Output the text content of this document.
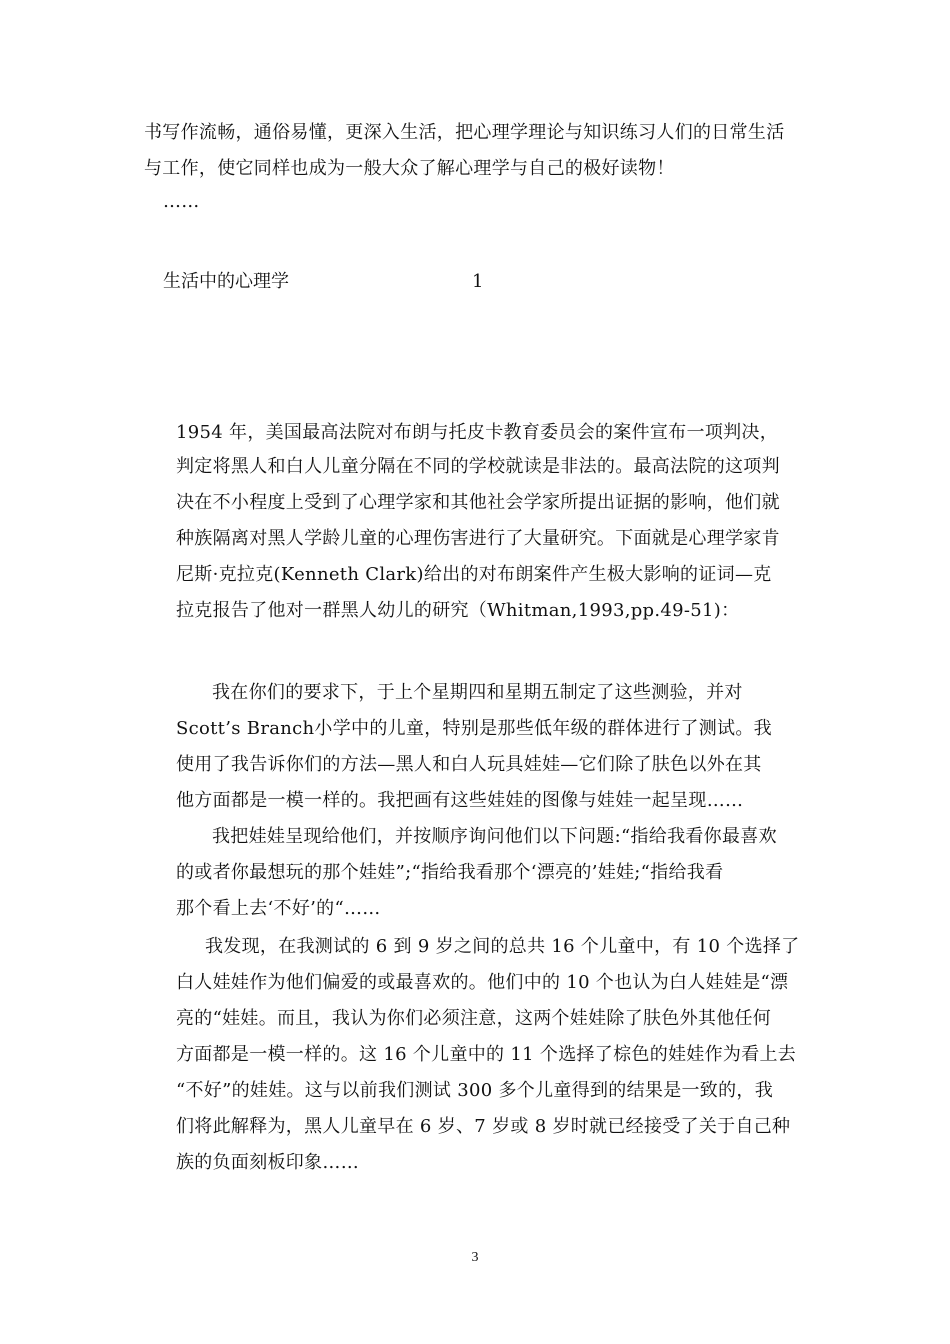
书写作流畅，通俗易懂，更深入生活，把心理学理论与知识练习人们的日常生活
与工作，使它同样也成为一般大众了解心理学与自己的极好读物！
……
生活中的心理学	1
1954 年，美国最高法院对布朗与托皮卡教育委员会的案件宣布一项判决，
判定将黑人和白人儿童分隔在不同的学校就读是非法的。最高法院的这项判
决在不小程度上受到了心理学家和其他社会学家所提出证据的影响，他们就
种族隔离对黑人学龄儿童的心理伤害进行了大量研究。下面就是心理学家肯
尼斯·克拉克(Kenneth Clark)给出的对布朗案件产生极大影响的证词—克
拉克报告了他对一群黑人幼儿的研究（Whitman,1993,pp.49-51)：
我在你们的要求下，于上个星期四和星期五制定了这些测验，并对
Scott’s Branch小学中的儿童，特别是那些低年级的群体进行了测试。我
使用了我告诉你们的方法—黑人和白人玩具娃娃—它们除了肤色以外在其
他方面都是一模一样的。我把画有这些娃娃的图像与娃娃一起呈现……
我把娃娃呈现给他们，并按顺序询问他们以下问题:“指给我看你最喜欢
的或者你最想玩的那个娃娃”;“指给我看那个‘漂亮的’娃娃;“指给我看
那个看上去‘不好’的“……
我发现，在我测试的 6 到 9 岁之间的总共 16 个儿童中，有 10 个选择了
白人娃娃作为他们偏爱的或最喜欢的。他们中的 10 个也认为白人娃娃是“漂
亮的“娃娃。而且，我认为你们必须注意，这两个娃娃除了肤色外其他任何
方面都是一模一样的。这 16 个儿童中的 11 个选择了棕色的娃娃作为看上去
“不好”的娃娃。这与以前我们测试 300 多个儿童得到的结果是一致的，我
们将此解释为，黑人儿童早在 6 岁、7 岁或 8 岁时就已经接受了关于自己种
族的负面刻板印象……
3
